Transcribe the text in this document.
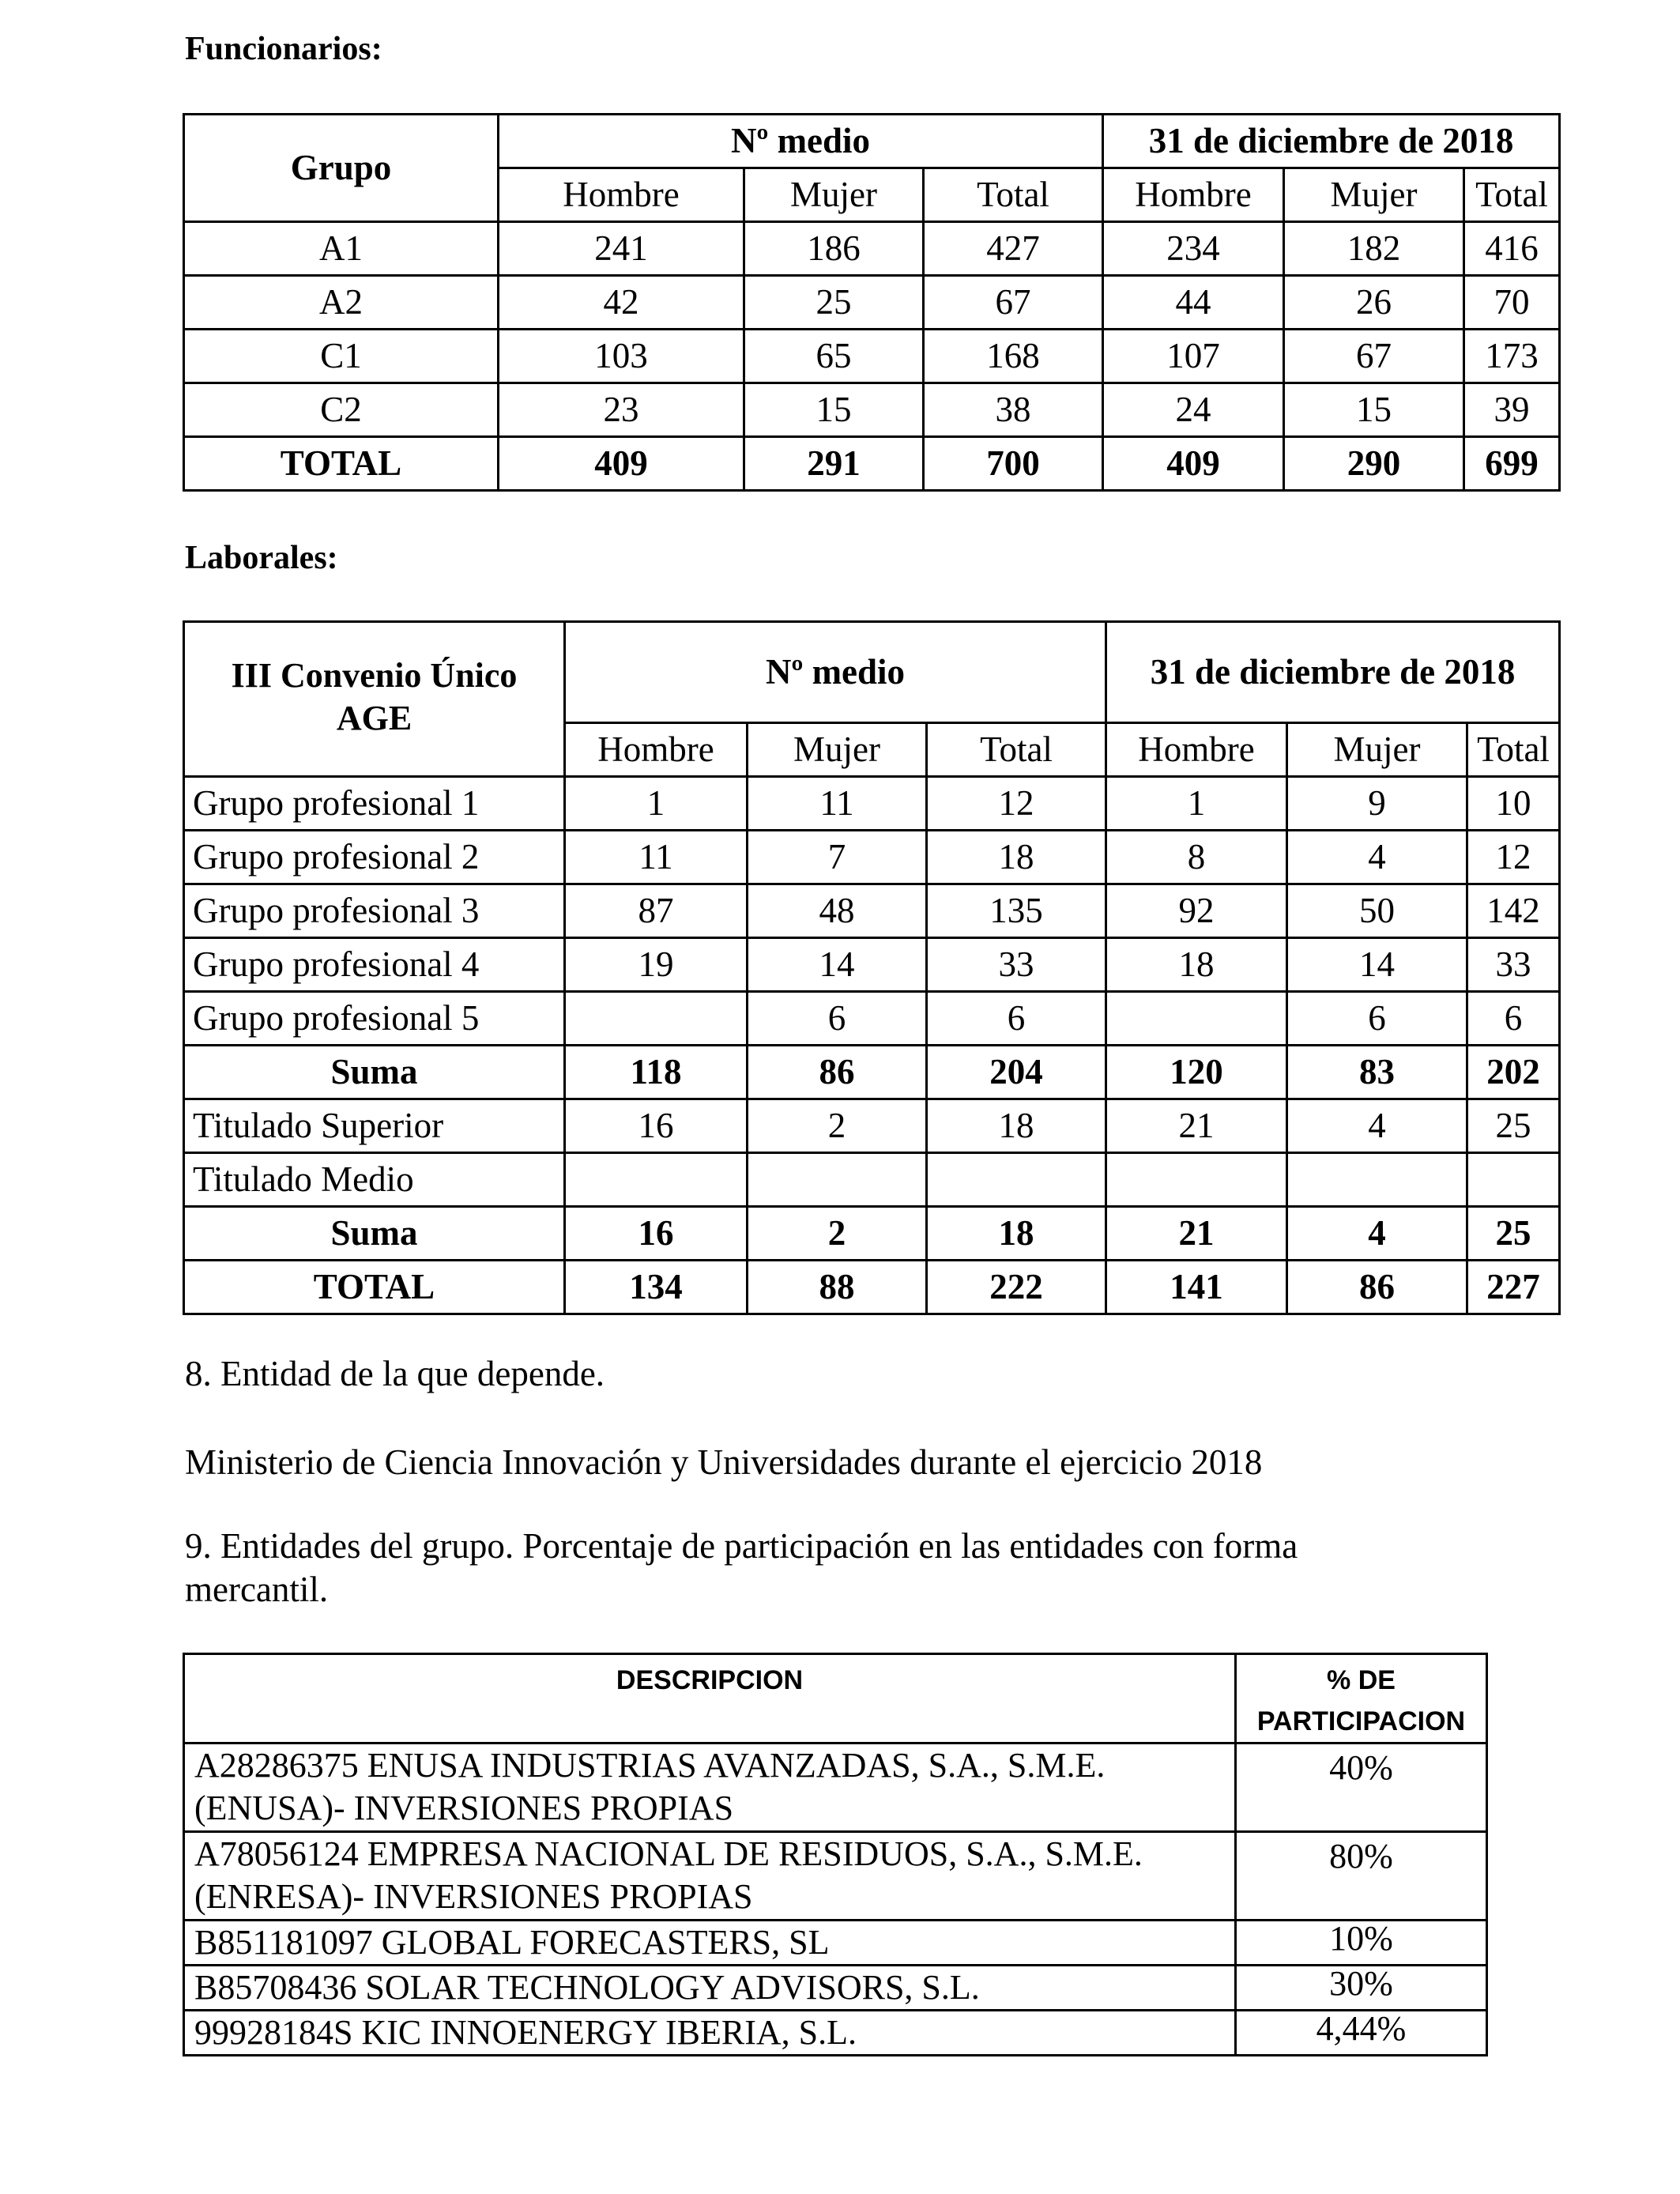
Funcionarios:
Grupo	Nº medio			31 de diciembre de 2018		
	Hombre	Mujer	Total	Hombre	Mujer	Total
A1	241	186	427	234	182	416
A2	42	25	67	44	26	70
C1	103	65	168	107	67	173
C2	23	15	38	24	15	39
TOTAL	409	291	700	409	290	699
Laborales:
III Convenio Único
AGE	Nº medio			31 de diciembre de 2018		
	Hombre	Mujer	Total	Hombre	Mujer	Total
Grupo profesional 1	1	11	12	1	9	10
Grupo profesional 2	11	7	18	8	4	12
Grupo profesional 3	87	48	135	92	50	142
Grupo profesional 4	19	14	33	18	14	33
Grupo profesional 5		6	6		6	6
Suma	118	86	204	120	83	202
Titulado Superior	16	2	18	21	4	25
Titulado Medio						
Suma	16	2	18	21	4	25
TOTAL	134	88	222	141	86	227
8. Entidad de la que depende.
Ministerio de Ciencia Innovación y Universidades durante el ejercicio 2018
9. Entidades del grupo. Porcentaje de participación en las entidades con forma
mercantil.
DESCRIPCION	% DE
PARTICIPACION
A28286375 ENUSA INDUSTRIAS AVANZADAS, S.A., S.M.E.
(ENUSA)- INVERSIONES PROPIAS	40%
A78056124 EMPRESA NACIONAL DE RESIDUOS, S.A., S.M.E.
(ENRESA)- INVERSIONES PROPIAS	80%
B851181097 GLOBAL FORECASTERS, SL	10%
B85708436 SOLAR TECHNOLOGY ADVISORS, S.L.	30%
99928184S KIC INNOENERGY IBERIA, S.L.	4,44%
